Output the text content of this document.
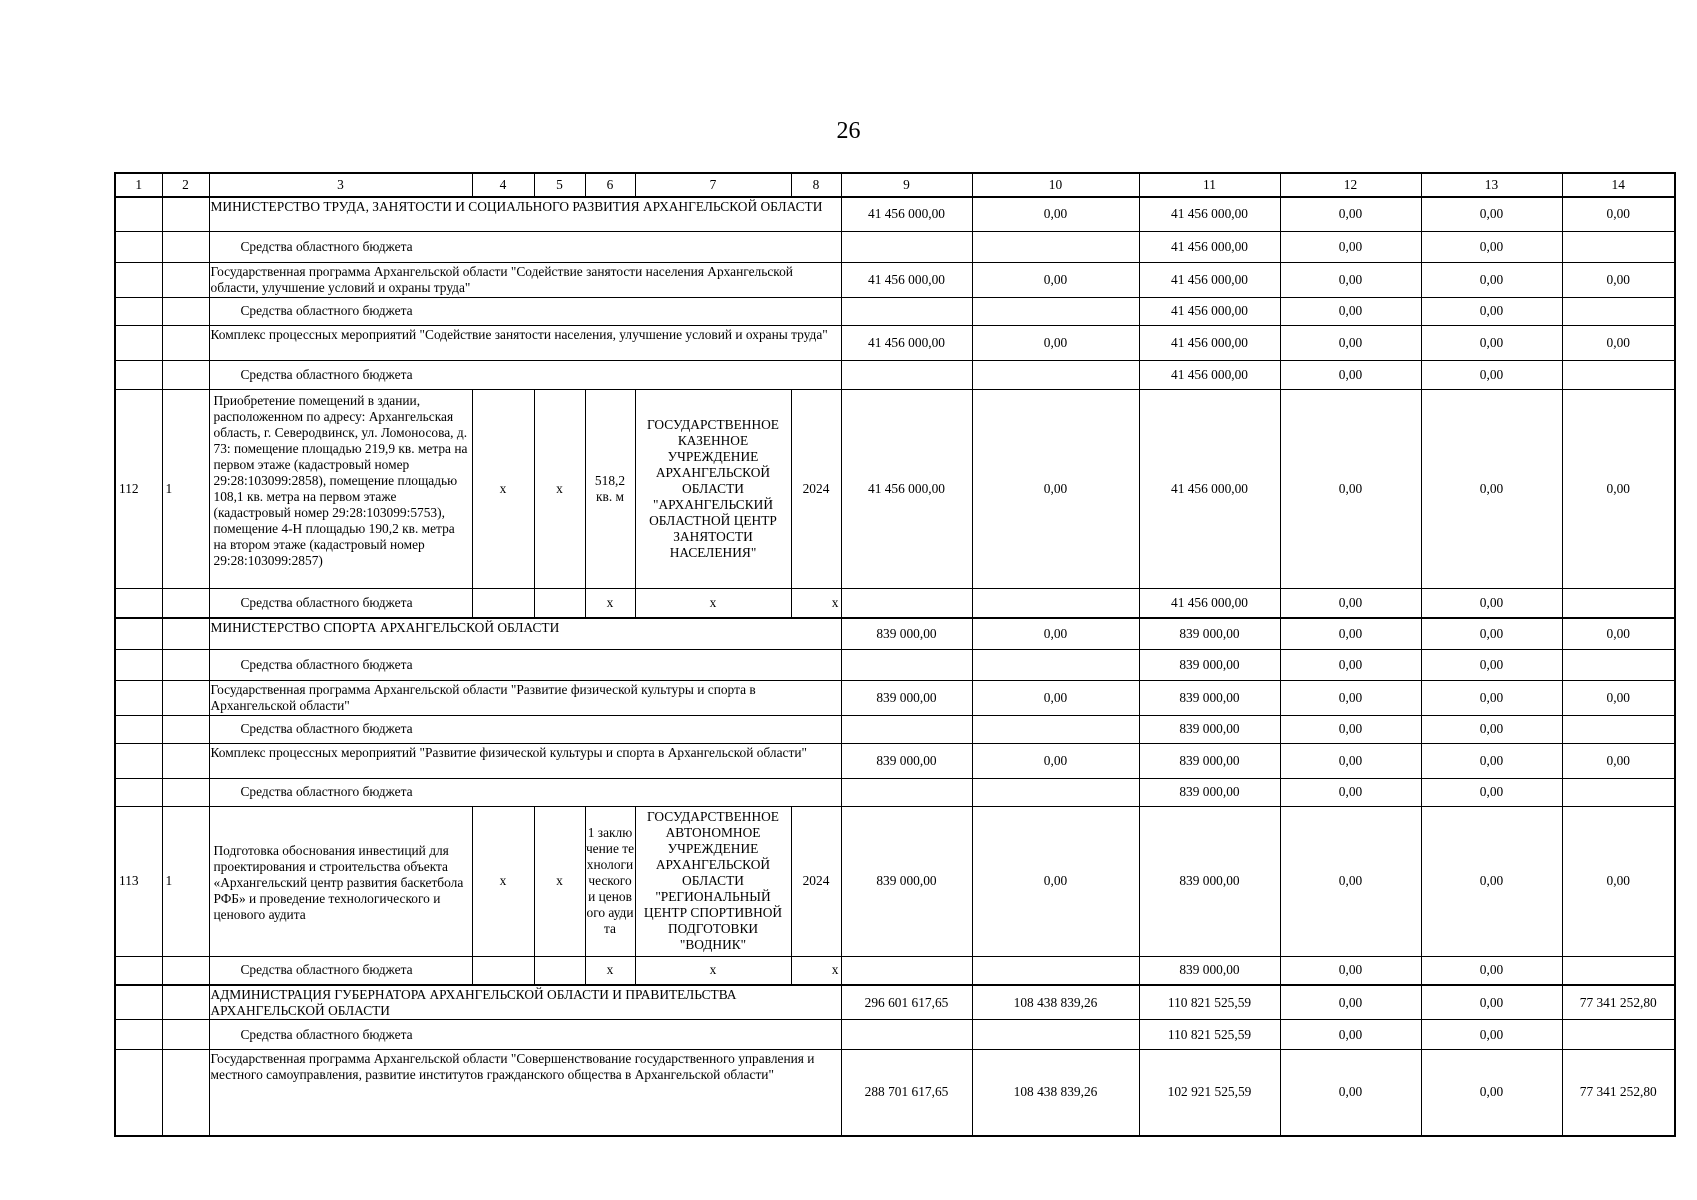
26
1	2	3	4	5	6	7	8	9	10	11	12	13	14
		МИНИСТЕРСТВО ТРУДА, ЗАНЯТОСТИ И СОЦИАЛЬНОГО РАЗВИТИЯ АРХАНГЕЛЬСКОЙ ОБЛАСТИ						41 456 000,00	0,00	41 456 000,00	0,00	0,00	0,00
		Средства областного бюджета								41 456 000,00	0,00	0,00	
		Государственная программа Архангельской области "Содействие занятости населения Архангельской области, улучшение условий и охраны труда"						41 456 000,00	0,00	41 456 000,00	0,00	0,00	0,00
		Средства областного бюджета								41 456 000,00	0,00	0,00	
		Комплекс процессных мероприятий "Содействие занятости населения, улучшение условий и охраны труда"						41 456 000,00	0,00	41 456 000,00	0,00	0,00	0,00
		Средства областного бюджета								41 456 000,00	0,00	0,00	
112	1	Приобретение помещений в здании, расположенном по адресу: Архангельская область, г. Северодвинск, ул. Ломоносова, д. 73: помещение площадью 219,9 кв. метра на первом этаже (кадастровый номер 29:28:103099:2858), помещение площадью 108,1 кв. метра на первом этаже (кадастровый номер 29:28:103099:5753), помещение 4-Н площадью 190,2 кв. метра на втором этаже (кадастровый номер 29:28:103099:2857)	x	x	518,2 кв. м	ГОСУДАРСТВЕННОЕ КАЗЕННОЕ УЧРЕЖДЕНИЕ АРХАНГЕЛЬСКОЙ ОБЛАСТИ "АРХАНГЕЛЬСКИЙ ОБЛАСТНОЙ ЦЕНТР ЗАНЯТОСТИ НАСЕЛЕНИЯ"	2024	41 456 000,00	0,00	41 456 000,00	0,00	0,00	0,00
		Средства областного бюджета			x	x	x			41 456 000,00	0,00	0,00	
		МИНИСТЕРСТВО СПОРТА АРХАНГЕЛЬСКОЙ ОБЛАСТИ						839 000,00	0,00	839 000,00	0,00	0,00	0,00
		Средства областного бюджета								839 000,00	0,00	0,00	
		Государственная программа Архангельской области "Развитие физической культуры и спорта в Архангельской области"						839 000,00	0,00	839 000,00	0,00	0,00	0,00
		Средства областного бюджета								839 000,00	0,00	0,00	
		Комплекс процессных мероприятий "Развитие физической культуры и спорта в Архангельской области"						839 000,00	0,00	839 000,00	0,00	0,00	0,00
		Средства областного бюджета								839 000,00	0,00	0,00	
113	1	Подготовка обоснования инвестиций для проектирования и строительства объекта «Архангельский центр развития баскетбола РФБ» и проведение технологического и ценового аудита	x	x	1 заключение технологического и ценового аудита	ГОСУДАРСТВЕННОЕ АВТОНОМНОЕ УЧРЕЖДЕНИЕ АРХАНГЕЛЬСКОЙ ОБЛАСТИ "РЕГИОНАЛЬНЫЙ ЦЕНТР СПОРТИВНОЙ ПОДГОТОВКИ "ВОДНИК"	2024	839 000,00	0,00	839 000,00	0,00	0,00	0,00
		Средства областного бюджета			x	x	x			839 000,00	0,00	0,00	
		АДМИНИСТРАЦИЯ ГУБЕРНАТОРА АРХАНГЕЛЬСКОЙ ОБЛАСТИ И ПРАВИТЕЛЬСТВА АРХАНГЕЛЬСКОЙ ОБЛАСТИ						296 601 617,65	108 438 839,26	110 821 525,59	0,00	0,00	77 341 252,80
		Средства областного бюджета								110 821 525,59	0,00	0,00	
		Государственная программа Архангельской области "Совершенствование государственного управления и местного самоуправления, развитие институтов гражданского общества в Архангельской области"						288 701 617,65	108 438 839,26	102 921 525,59	0,00	0,00	77 341 252,80
